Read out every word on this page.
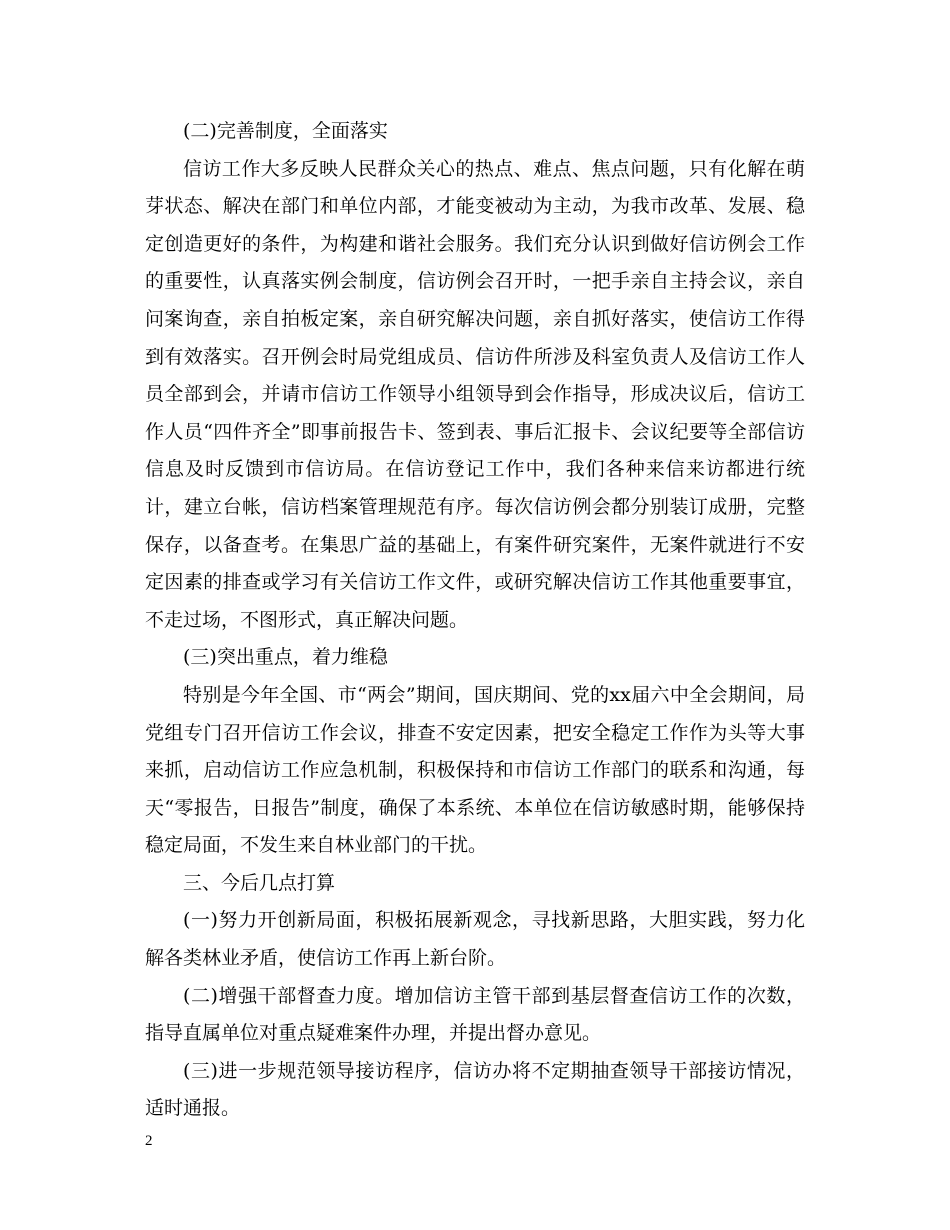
(二)完善制度，全面落实

信访工作大多反映人民群众关心的热点、难点、焦点问题，只有化解在萌芽状态、解决在部门和单位内部，才能变被动为主动，为我市改革、发展、稳定创造更好的条件，为构建和谐社会服务。我们充分认识到做好信访例会工作的重要性，认真落实例会制度，信访例会召开时，一把手亲自主持会议，亲自问案询查，亲自拍板定案，亲自研究解决问题，亲自抓好落实，使信访工作得到有效落实。召开例会时局党组成员、信访件所涉及科室负责人及信访工作人员全部到会，并请市信访工作领导小组领导到会作指导，形成决议后，信访工作人员“四件齐全”即事前报告卡、签到表、事后汇报卡、会议纪要等全部信访信息及时反馈到市信访局。在信访登记工作中，我们各种来信来访都进行统计，建立台帐，信访档案管理规范有序。每次信访例会都分别装订成册，完整保存，以备查考。在集思广益的基础上，有案件研究案件，无案件就进行不安定因素的排查或学习有关信访工作文件，或研究解决信访工作其他重要事宜，不走过场，不图形式，真正解决问题。

(三)突出重点，着力维稳

特别是今年全国、市“两会”期间，国庆期间、党的xx届六中全会期间，局党组专门召开信访工作会议，排查不安定因素，把安全稳定工作作为头等大事来抓，启动信访工作应急机制，积极保持和市信访工作部门的联系和沟通，每天“零报告，日报告”制度，确保了本系统、本单位在信访敏感时期，能够保持稳定局面，不发生来自林业部门的干扰。

三、今后几点打算

(一)努力开创新局面，积极拓展新观念，寻找新思路，大胆实践，努力化解各类林业矛盾，使信访工作再上新台阶。

(二)增强干部督查力度。增加信访主管干部到基层督查信访工作的次数，指导直属单位对重点疑难案件办理，并提出督办意见。

(三)进一步规范领导接访程序，信访办将不定期抽查领导干部接访情况，适时通报。

2
